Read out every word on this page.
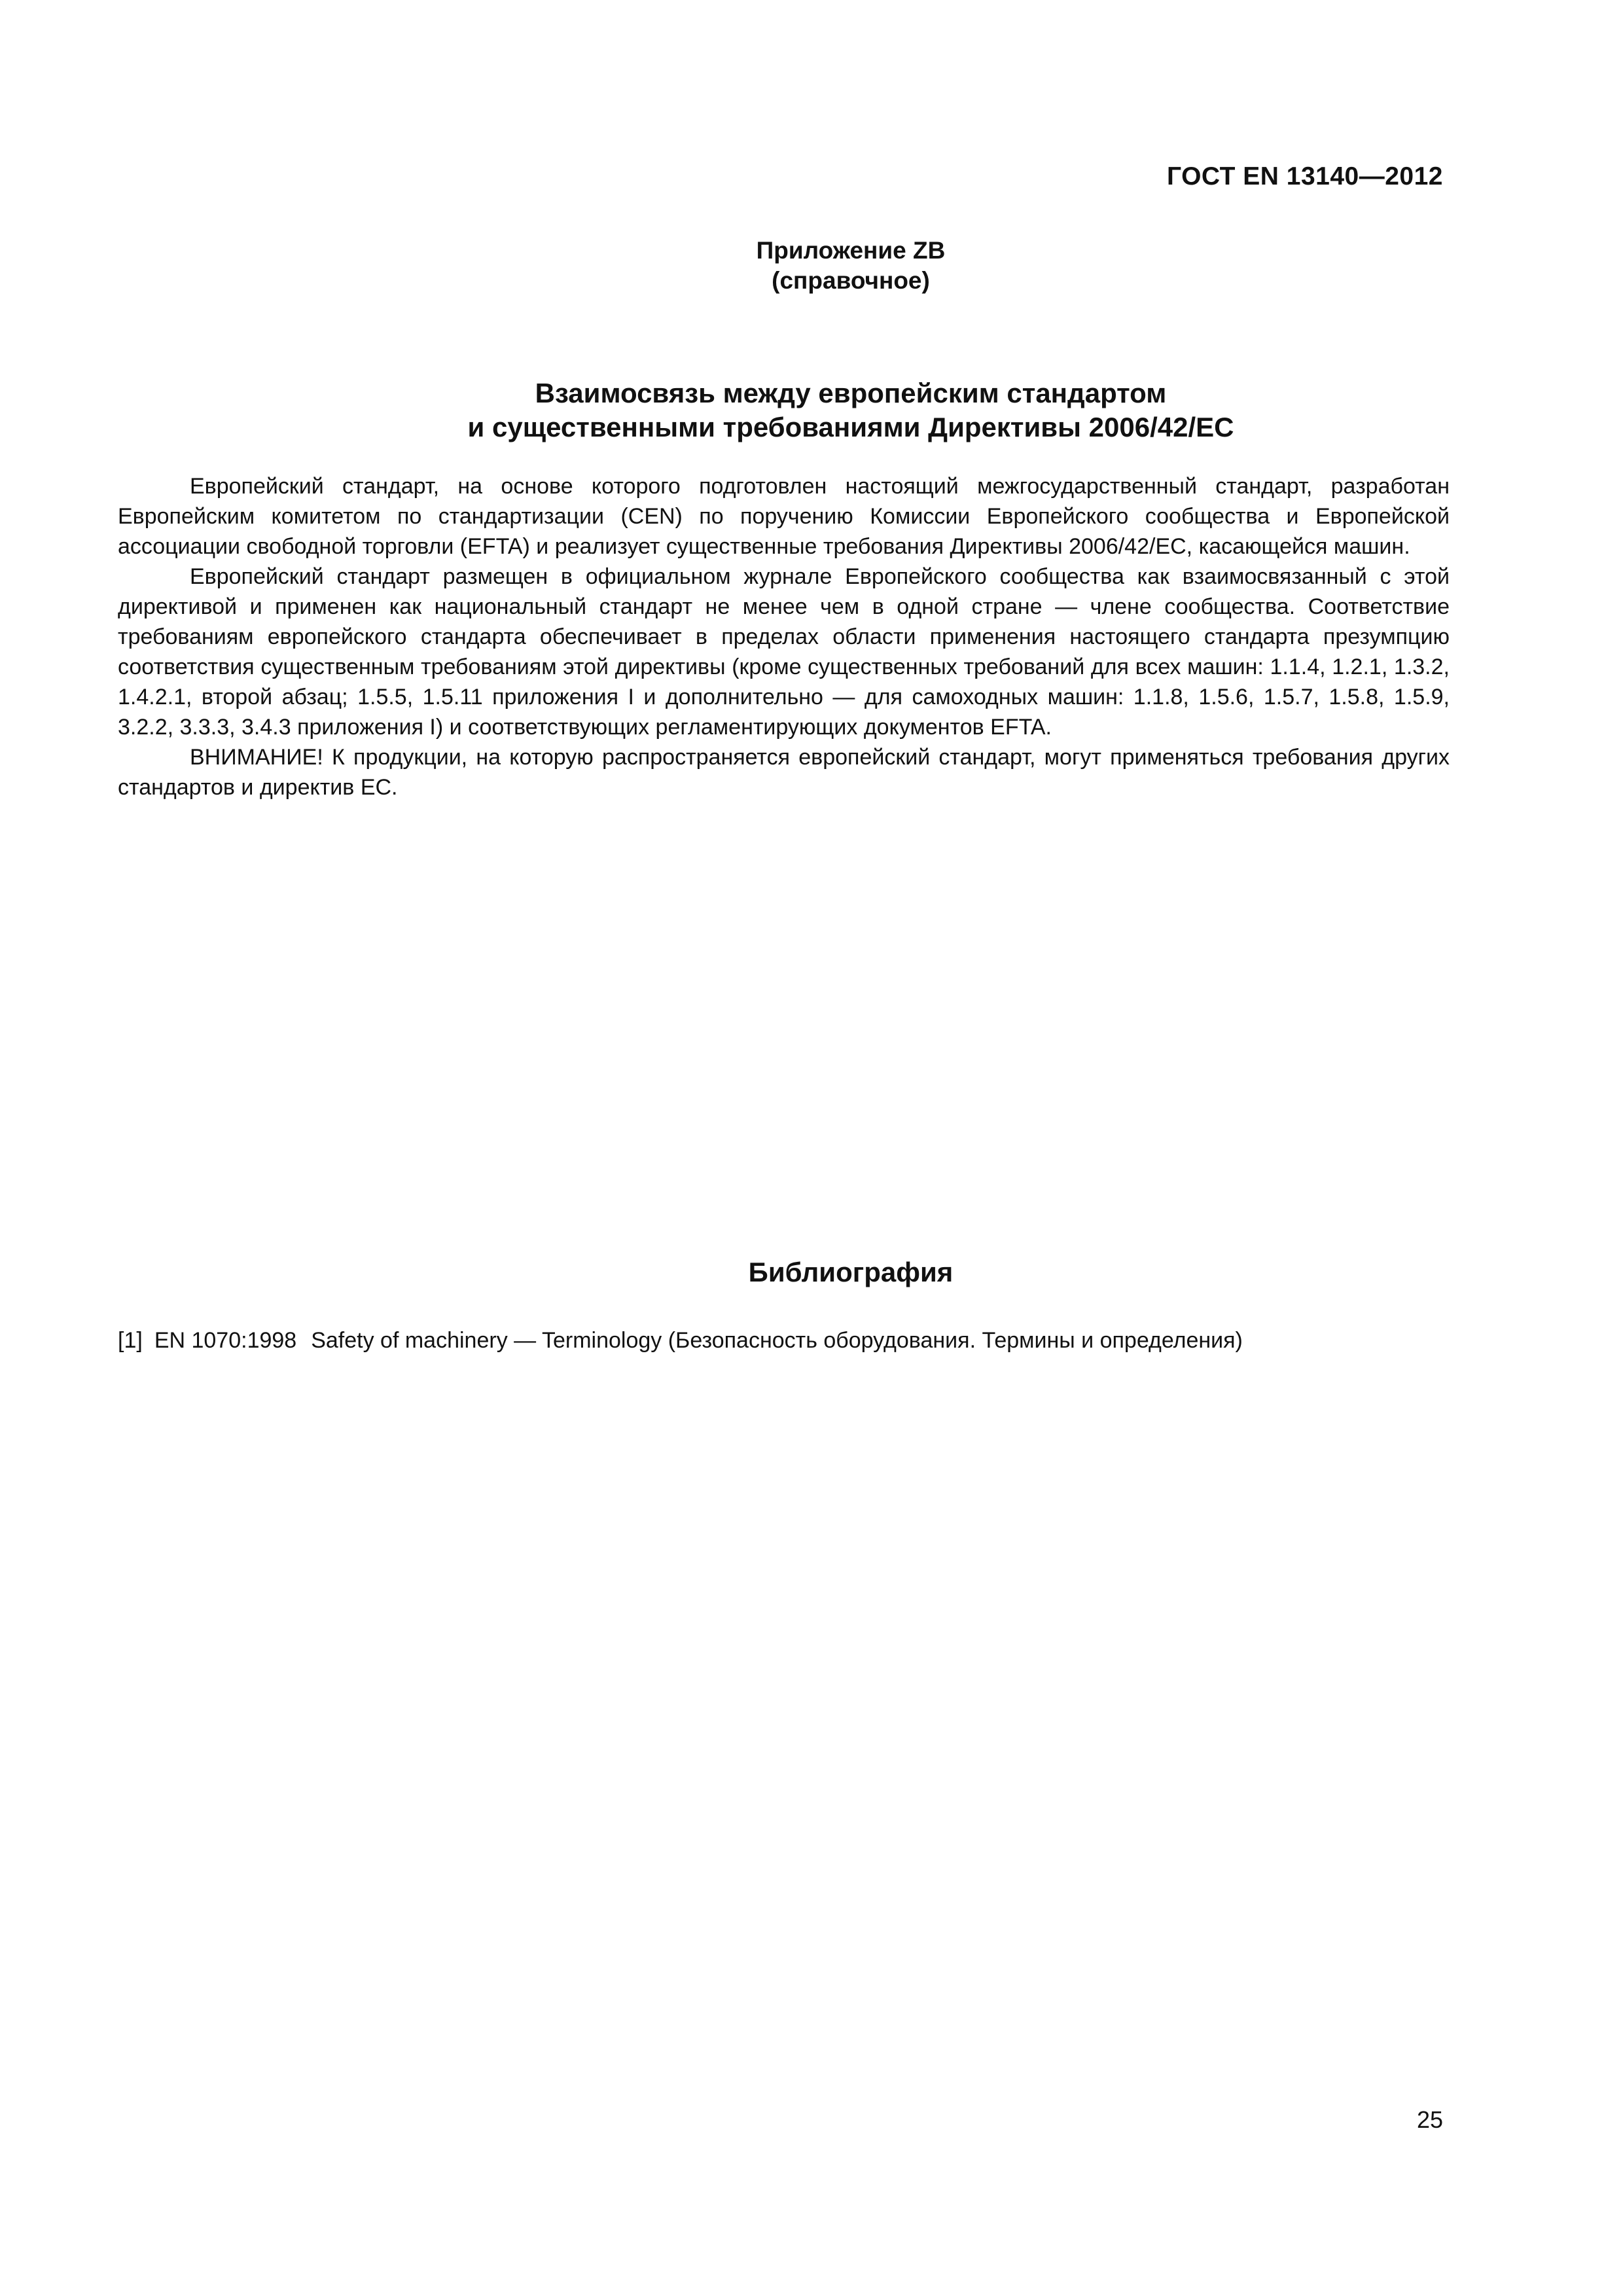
ГОСТ EN 13140—2012
Приложение ZB
(справочное)
Взаимосвязь между европейским стандартом
и существенными требованиями Директивы 2006/42/ЕС

Европейский стандарт, на основе которого подготовлен настоящий межгосударственный стандарт, разработан Европейским комитетом по стандартизации (CEN) по поручению Комиссии Европейского сообщества и Европейской ассоциации свободной торговли (EFTA) и реализует существенные требования Директивы 2006/42/ЕС, касающейся машин.

Европейский стандарт размещен в официальном журнале Европейского сообщества как взаимосвязанный с этой директивой и применен как национальный стандарт не менее чем в одной стране — члене сообщества. Соответствие требованиям европейского стандарта обеспечивает в пределах области применения настоящего стандарта презумпцию соответствия существенным требованиям этой директивы (кроме существенных требований для всех машин: 1.1.4, 1.2.1, 1.3.2, 1.4.2.1, второй абзац; 1.5.5, 1.5.11 приложения I и дополнительно — для самоходных машин: 1.1.8, 1.5.6, 1.5.7, 1.5.8, 1.5.9, 3.2.2, 3.3.3, 3.4.3 приложения I) и соответствующих регламентирующих документов EFTA.

ВНИМАНИЕ! К продукции, на которую распространяется европейский стандарт, могут применяться требования других стандартов и директив ЕС.

Библиография
[1] EN 1070:1998 Safety of machinery — Terminology (Безопасность оборудования. Термины и определения)
25
